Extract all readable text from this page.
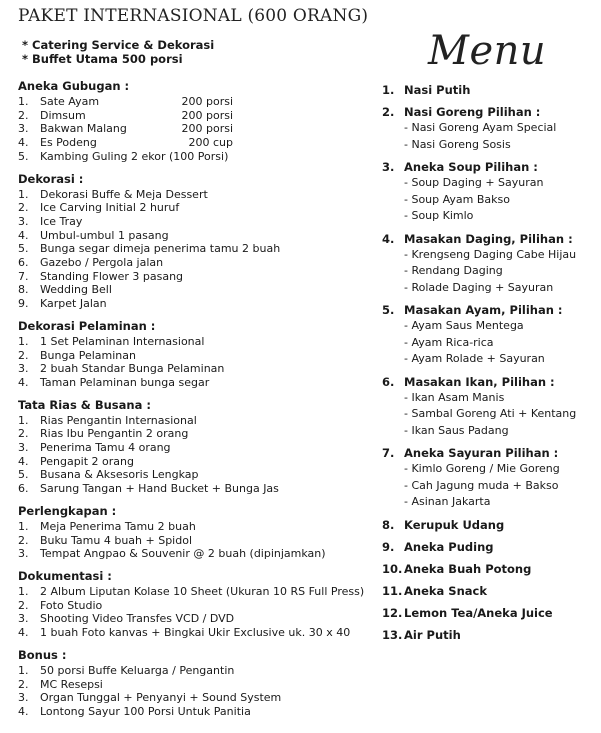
PAKET INTERNASIONAL (600 ORANG)
* Catering Service & Dekorasi
* Buffet Utama 500 porsi
Aneka Gubugan :
1.	Sate Ayam	200 porsi
2.	Dimsum	200 porsi
3.	Bakwan Malang	200 porsi
4.	Es Podeng	200 cup
5.	Kambing Guling 2 ekor (100 Porsi)
Dekorasi :
1.	Dekorasi Buffe & Meja Dessert
2.	Ice Carving Initial 2 huruf
3.	Ice Tray
4.	Umbul-umbul 1 pasang
5.	Bunga segar dimeja penerima tamu 2 buah
6.	Gazebo / Pergola jalan
7.	Standing Flower 3 pasang
8.	Wedding Bell
9.	Karpet Jalan
Dekorasi Pelaminan :
1.	1 Set Pelaminan Internasional
2.	Bunga Pelaminan
3.	2 buah Standar Bunga Pelaminan
4.	Taman Pelaminan bunga segar
Tata Rias & Busana :
1.	Rias Pengantin Internasional
2.	Rias Ibu Pengantin 2 orang
3.	Penerima Tamu 4 orang
4.	Pengapit 2 orang
5.	Busana & Aksesoris Lengkap
6.	Sarung Tangan + Hand Bucket + Bunga Jas
Perlengkapan :
1.	Meja Penerima Tamu 2 buah
2.	Buku Tamu 4 buah + Spidol
3.	Tempat Angpao & Souvenir @ 2 buah (dipinjamkan)
Dokumentasi :
1.	2 Album Liputan Kolase 10 Sheet (Ukuran 10 RS Full Press)
2.	Foto Studio
3.	Shooting Video Transfes VCD / DVD
4.	1 buah Foto kanvas + Bingkai Ukir Exclusive uk. 30 x 40
Bonus :
1.	50 porsi Buffe Keluarga / Pengantin
2.	MC Resepsi
3.	Organ Tunggal + Penyanyi + Sound System
4.	Lontong Sayur 100 Porsi Untuk Panitia
Menu
1. Nasi Putih
2. Nasi Goreng Pilihan :
- Nasi Goreng Ayam Special
- Nasi Goreng Sosis
3. Aneka Soup Pilihan :
- Soup Daging + Sayuran
- Soup Ayam Bakso
- Soup Kimlo
4. Masakan Daging, Pilihan :
- Krengseng Daging Cabe Hijau
- Rendang Daging
- Rolade Daging + Sayuran
5. Masakan Ayam, Pilihan :
- Ayam Saus Mentega
- Ayam Rica-rica
- Ayam Rolade + Sayuran
6. Masakan Ikan, Pilihan :
- Ikan Asam Manis
- Sambal Goreng Ati + Kentang
- Ikan Saus Padang
7. Aneka Sayuran Pilihan :
- Kimlo Goreng / Mie Goreng
- Cah Jagung muda + Bakso
- Asinan Jakarta
8. Kerupuk Udang
9. Aneka Puding
10. Aneka Buah Potong
11. Aneka Snack
12. Lemon Tea/Aneka Juice
13. Air Putih
